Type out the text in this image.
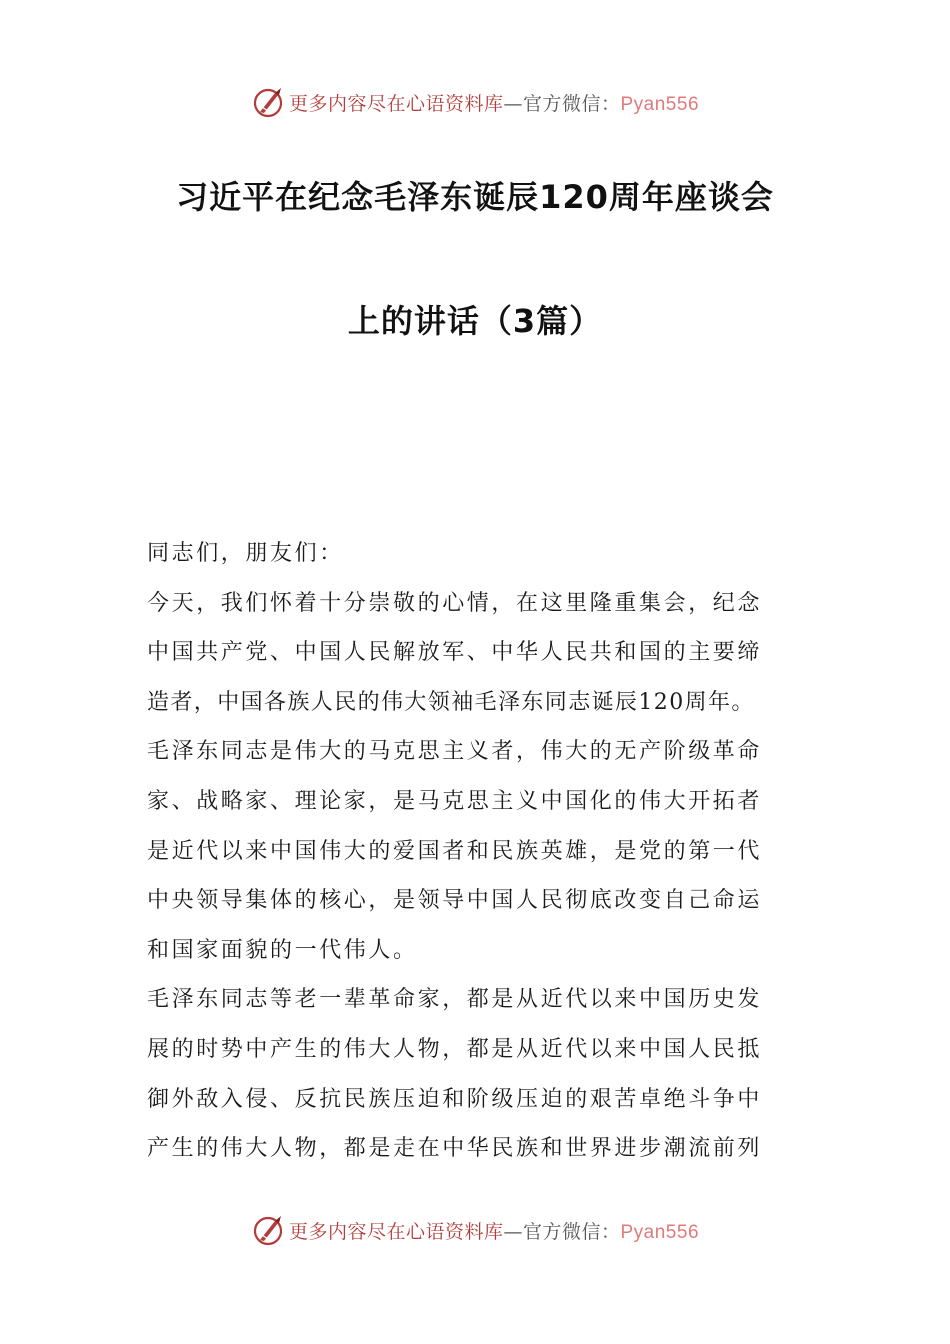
更多内容尽在心语资料库—官方微信：Pyan556
习近平在纪念毛泽东诞辰120周年座谈会
上的讲话（3篇）
同志们，朋友们：
今天，我们怀着十分崇敬的心情，在这里隆重集会，纪念
中国共产党、中国人民解放军、中华人民共和国的主要缔
造者，中国各族人民的伟大领袖毛泽东同志诞辰120周年。
毛泽东同志是伟大的马克思主义者，伟大的无产阶级革命
家、战略家、理论家，是马克思主义中国化的伟大开拓者
是近代以来中国伟大的爱国者和民族英雄，是党的第一代
中央领导集体的核心，是领导中国人民彻底改变自己命运
和国家面貌的一代伟人。
毛泽东同志等老一辈革命家，都是从近代以来中国历史发
展的时势中产生的伟大人物，都是从近代以来中国人民抵
御外敌入侵、反抗民族压迫和阶级压迫的艰苦卓绝斗争中
产生的伟大人物，都是走在中华民族和世界进步潮流前列
更多内容尽在心语资料库—官方微信：Pyan556
